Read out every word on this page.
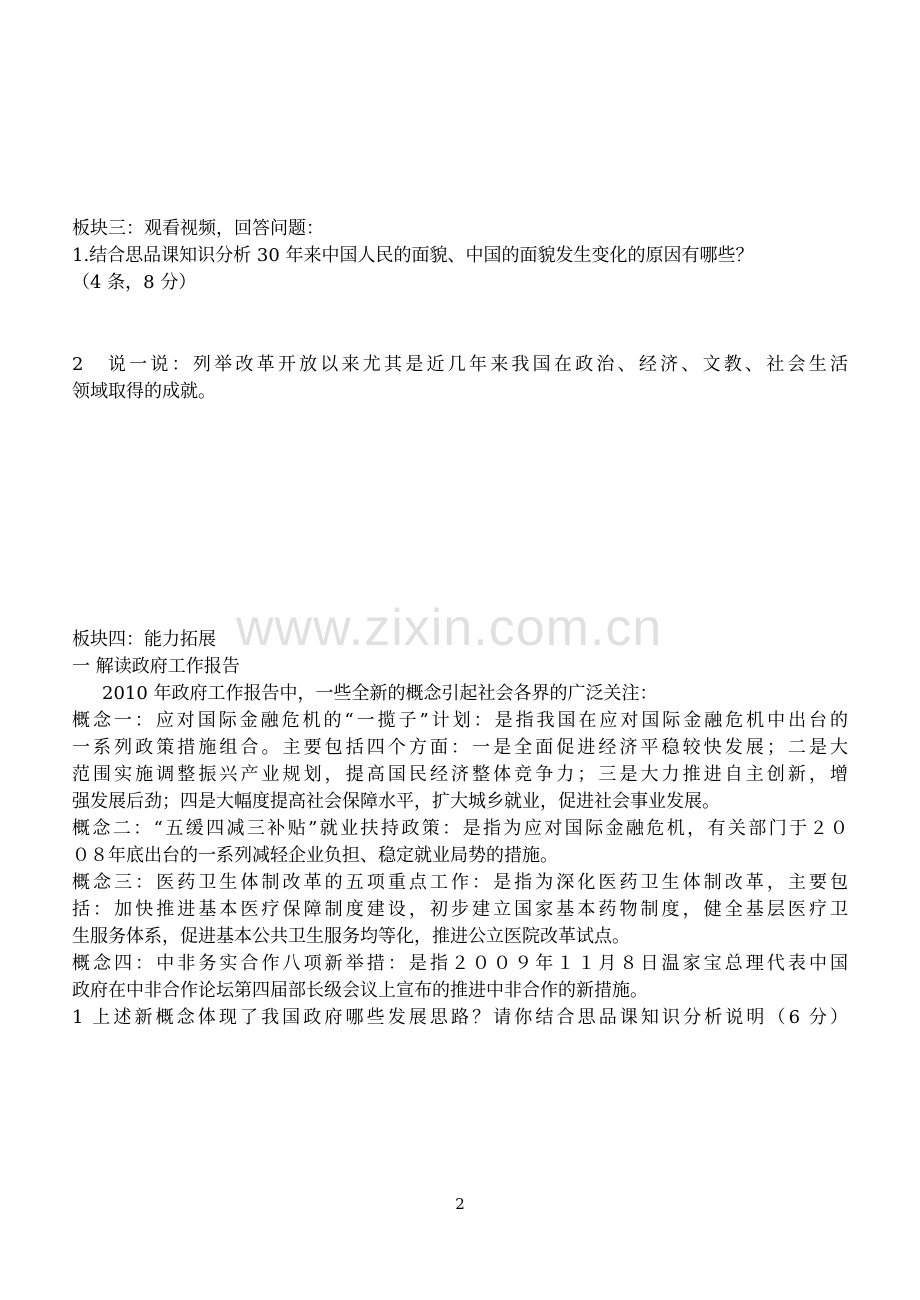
板块三：观看视频，回答问题：
1.结合思品课知识分析 30 年来中国人民的面貌、中国的面貌发生变化的原因有哪些？
（4 条，8 分）
2　说一说：列举改革开放以来尤其是近几年来我国在政治、经济、文教、社会生活
领域取得的成就。
www.zixin.com.cn
板块四：能力拓展
一 解读政府工作报告
2010 年政府工作报告中，一些全新的概念引起社会各界的广泛关注：
概念一：应对国际金融危机的“一揽子”计划：是指我国在应对国际金融危机中出台的
一系列政策措施组合。主要包括四个方面：一是全面促进经济平稳较快发展；二是大
范围实施调整振兴产业规划，提高国民经济整体竞争力；三是大力推进自主创新，增
强发展后劲；四是大幅度提高社会保障水平，扩大城乡就业，促进社会事业发展。
概念二：“五缓四减三补贴”就业扶持政策：是指为应对国际金融危机，有关部门于２０
０８年底出台的一系列减轻企业负担、稳定就业局势的措施。
概念三：医药卫生体制改革的五项重点工作：是指为深化医药卫生体制改革，主要包
括：加快推进基本医疗保障制度建设，初步建立国家基本药物制度，健全基层医疗卫
生服务体系，促进基本公共卫生服务均等化，推进公立医院改革试点。
概念四：中非务实合作八项新举措：是指２００９年１１月８日温家宝总理代表中国
政府在中非合作论坛第四届部长级会议上宣布的推进中非合作的新措施。
1 上述新概念体现了我国政府哪些发展思路？请你结合思品课知识分析说明（6 分）
2
